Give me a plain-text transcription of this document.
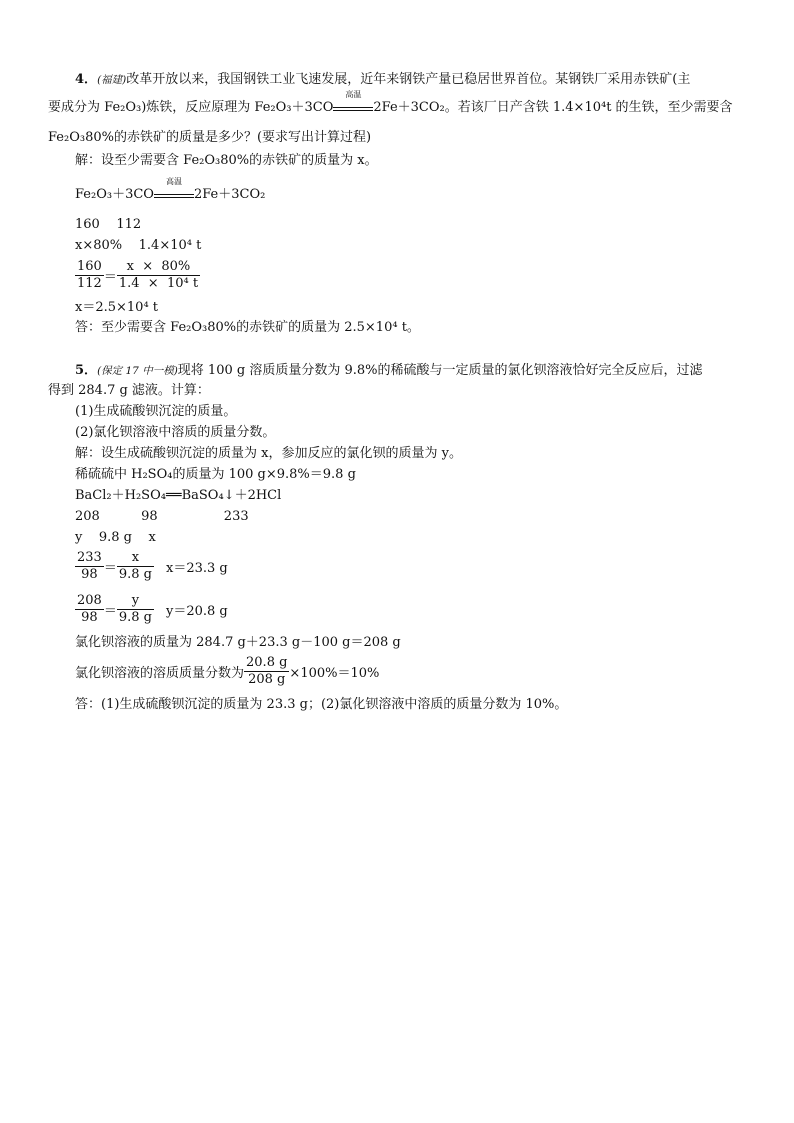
4．(福建)改革开放以来，我国钢铁工业飞速发展，近年来钢铁产量已稳居世界首位。某钢铁厂采用赤铁矿(主
要成分为 Fe₂O₃)炼铁，反应原理为 Fe₂O₃＋3CO
高温
2Fe＋3CO₂。若该厂日产含铁 1.4×10⁴t 的生铁，至少需要含
Fe₂O₃80%的赤铁矿的质量是多少？(要求写出计算过程)
解：设至少需要含 Fe₂O₃80%的赤铁矿的质量为 x。
Fe₂O₃＋3CO
高温
2Fe＋3CO₂
160    112
x×80%    1.4×10⁴ t
$\frac{160}{112} = \frac{x \times 80\%}{\text{1.4  ×  10⁴ t}}$
x＝2.5×10⁴ t
答：至少需要含 Fe₂O₃80%的赤铁矿的质量为 2.5×10⁴ t。
5．(保定 17 中一模)现将 100 g 溶质质量分数为 9.8%的稀硫酸与一定质量的氯化钡溶液恰好完全反应后，过滤
得到 284.7 g 滤液。计算：
(1)生成硫酸钡沉淀的质量。
(2)氯化钡溶液中溶质的质量分数。
解：设生成硫酸钡沉淀的质量为 x，参加反应的氯化钡的质量为 y。
稀硫硫中 H₂SO₄的质量为 100 g×9.8%＝9.8 g
BaCl₂＋H₂SO₄══BaSO₄↓＋2HCl
208          98                233
y    9.8 g    x
$\frac{233}{98} = \frac{x}{9.8 g} x=23.3$ g
$\frac{208}{98} = \frac{y}{9.8 g} y=20.8$ g
氯化钡溶液的质量为 284.7 g＋23.3 g－100 g＝208 g
氯化钡溶液的溶质质量分数为 $\frac{20.8 g}{208 g} \times 100\%=10\%$
答：(1)生成硫酸钡沉淀的质量为 23.3 g；(2)氯化钡溶液中溶质的质量分数为 10%。
